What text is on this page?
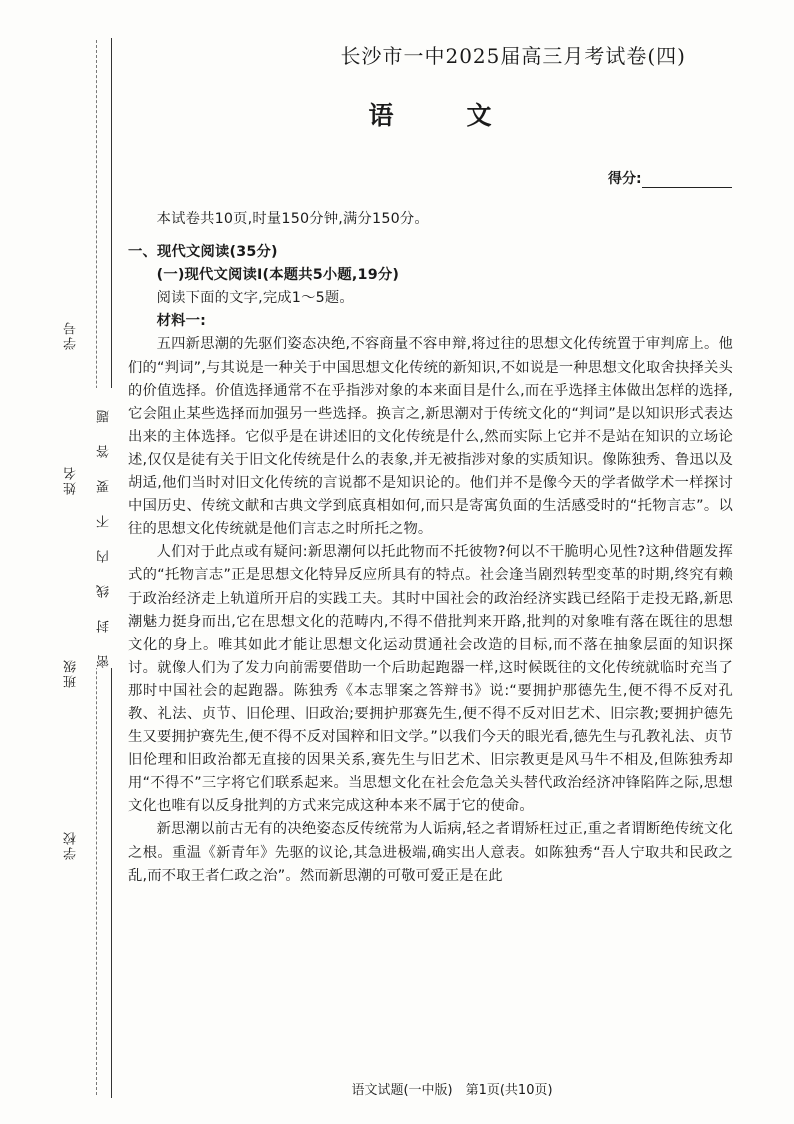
学号
姓名
班级
学校
密封线内不要答题
长沙市一中2025届高三月考试卷(四)
语　文
得分:

本试卷共10页,时量150分钟,满分150分。

一、现代文阅读(35分)

(一)现代文阅读Ⅰ(本题共5小题,19分)

阅读下面的文字,完成1～5题。

材料一:

五四新思潮的先驱们姿态决绝,不容商量不容申辩,将过往的思想文化传统置于审判席上。他们的“判词”,与其说是一种关于中国思想文化传统的新知识,不如说是一种思想文化取舍抉择关头的价值选择。价值选择通常不在乎指涉对象的本来面目是什么,而在乎选择主体做出怎样的选择,它会阻止某些选择而加强另一些选择。换言之,新思潮对于传统文化的“判词”是以知识形式表达出来的主体选择。它似乎是在讲述旧的文化传统是什么,然而实际上它并不是站在知识的立场论述,仅仅是徒有关于旧文化传统是什么的表象,并无被指涉对象的实质知识。像陈独秀、鲁迅以及胡适,他们当时对旧文化传统的言说都不是知识论的。他们并不是像今天的学者做学术一样探讨中国历史、传统文献和古典文学到底真相如何,而只是寄寓负面的生活感受时的“托物言志”。以往的思想文化传统就是他们言志之时所托之物。

人们对于此点或有疑问:新思潮何以托此物而不托彼物?何以不干脆明心见性?这种借题发挥式的“托物言志”正是思想文化特异反应所具有的特点。社会逢当剧烈转型变革的时期,终究有赖于政治经济走上轨道所开启的实践工夫。其时中国社会的政治经济实践已经陷于走投无路,新思潮魅力挺身而出,它在思想文化的范畴内,不得不借批判来开路,批判的对象唯有落在既往的思想文化的身上。唯其如此才能让思想文化运动贯通社会改造的目标,而不落在抽象层面的知识探讨。就像人们为了发力向前需要借助一个后助起跑器一样,这时候既往的文化传统就临时充当了那时中国社会的起跑器。陈独秀《本志罪案之答辩书》说:“要拥护那德先生,便不得不反对孔教、礼法、贞节、旧伦理、旧政治;要拥护那赛先生,便不得不反对旧艺术、旧宗教;要拥护德先生又要拥护赛先生,便不得不反对国粹和旧文学。”以我们今天的眼光看,德先生与孔教礼法、贞节旧伦理和旧政治都无直接的因果关系,赛先生与旧艺术、旧宗教更是风马牛不相及,但陈独秀却用“不得不”三字将它们联系起来。当思想文化在社会危急关头替代政治经济冲锋陷阵之际,思想文化也唯有以反身批判的方式来完成这种本来不属于它的使命。

新思潮以前古无有的决绝姿态反传统常为人诟病,轻之者谓矫枉过正,重之者谓断绝传统文化之根。重温《新青年》先驱的议论,其急进极端,确实出人意表。如陈独秀“吾人宁取共和民政之乱,而不取王者仁政之治”。然而新思潮的可敬可爱正是在此

语文试题(一中版)　第1页(共10页)
